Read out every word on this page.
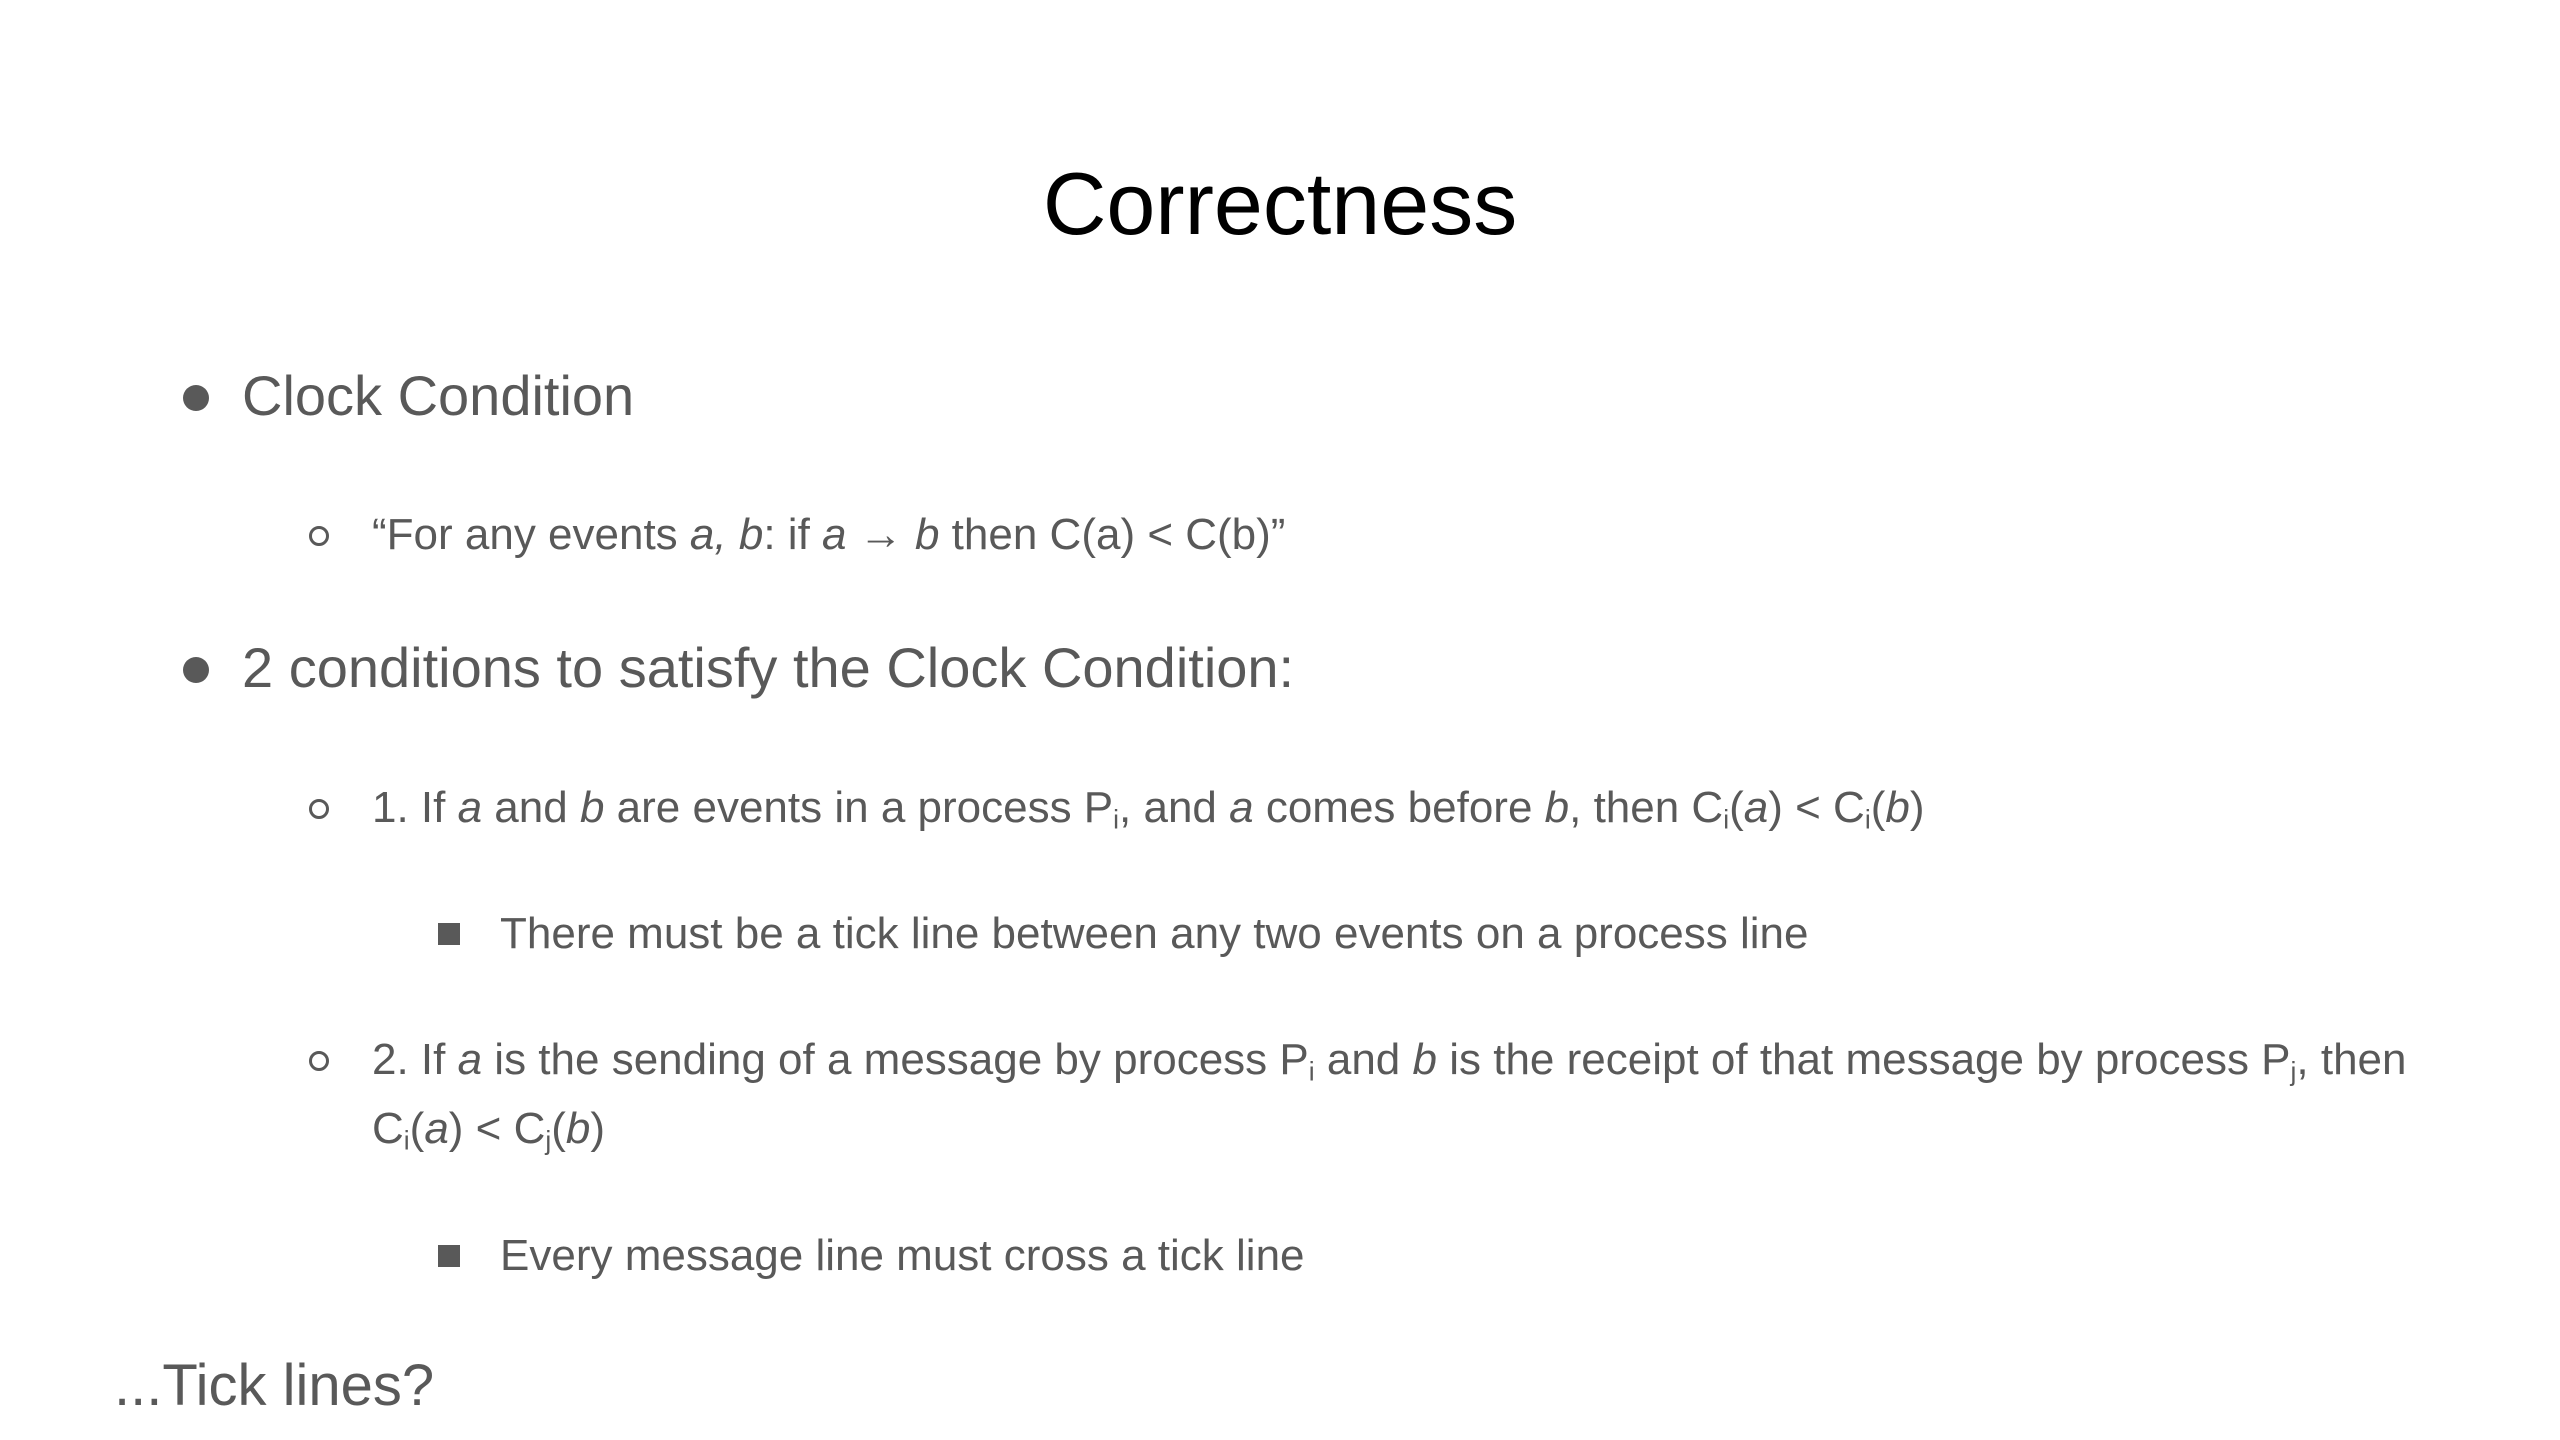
Correctness
Clock Condition
“For any events a, b: if a → b then C(a) < C(b)”
2 conditions to satisfy the Clock Condition:
1. If a and b are events in a process $P_i$, and a comes before b, then $C_i(a) < C_i(b)$
There must be a tick line between any two events on a process line
2. If a is the sending of a message by process $P_i$ and b is the receipt of that message by process $P_j$, then
$C_i(a) < C_j(b)$
Every message line must cross a tick line
...Tick lines?
